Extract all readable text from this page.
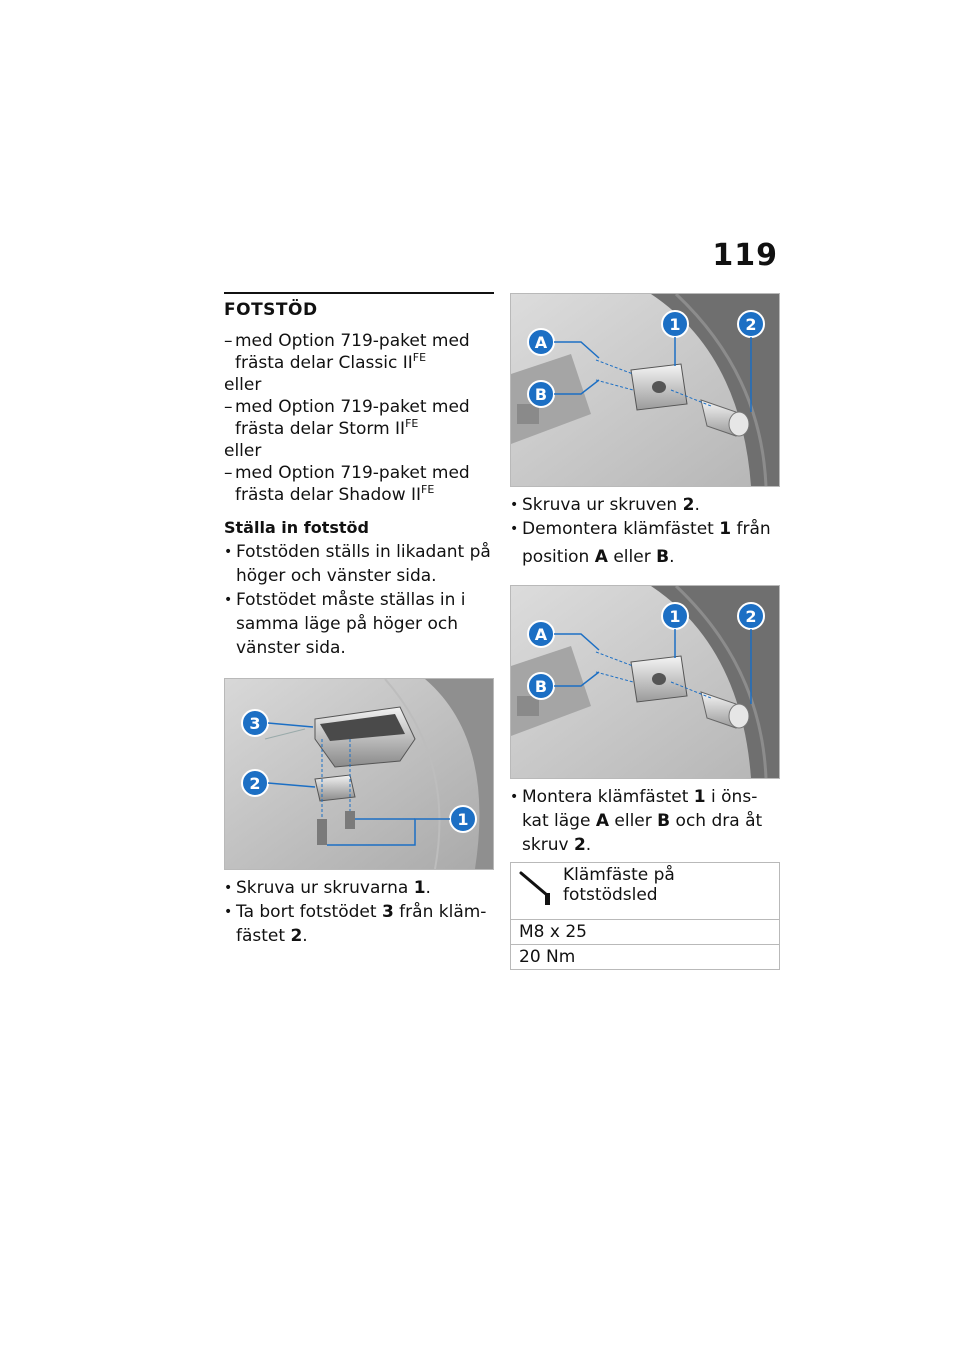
119
FOTSTÖD
– med Option 719-paket med
frästa delar Classic $II^{FE}$
eller
– med Option 719-paket med
frästa delar Storm $II^{FE}$
eller
– med Option 719-paket med
frästa delar Shadow $II^{FE}$
Ställa in fotstöd
• Fotstöden ställs in likadant på
höger och vänster sida.
• Fotstödet måste ställas in i
samma läge på höger och
vänster sida.
3
2
1
• Skruva ur skruvarna 1.
• Ta bort fotstödet 3 från kläm-
fästet 2.
A
B
1	2
• Skruva ur skruven 2.
• Demontera klämfästet 1 från
position A eller B.
A
B
1	2
• Montera klämfästet 1 i öns-
kat läge A eller B och dra åt
skruv 2.
Klämfäste på fotstödsled

M8 x 25
20 Nm
